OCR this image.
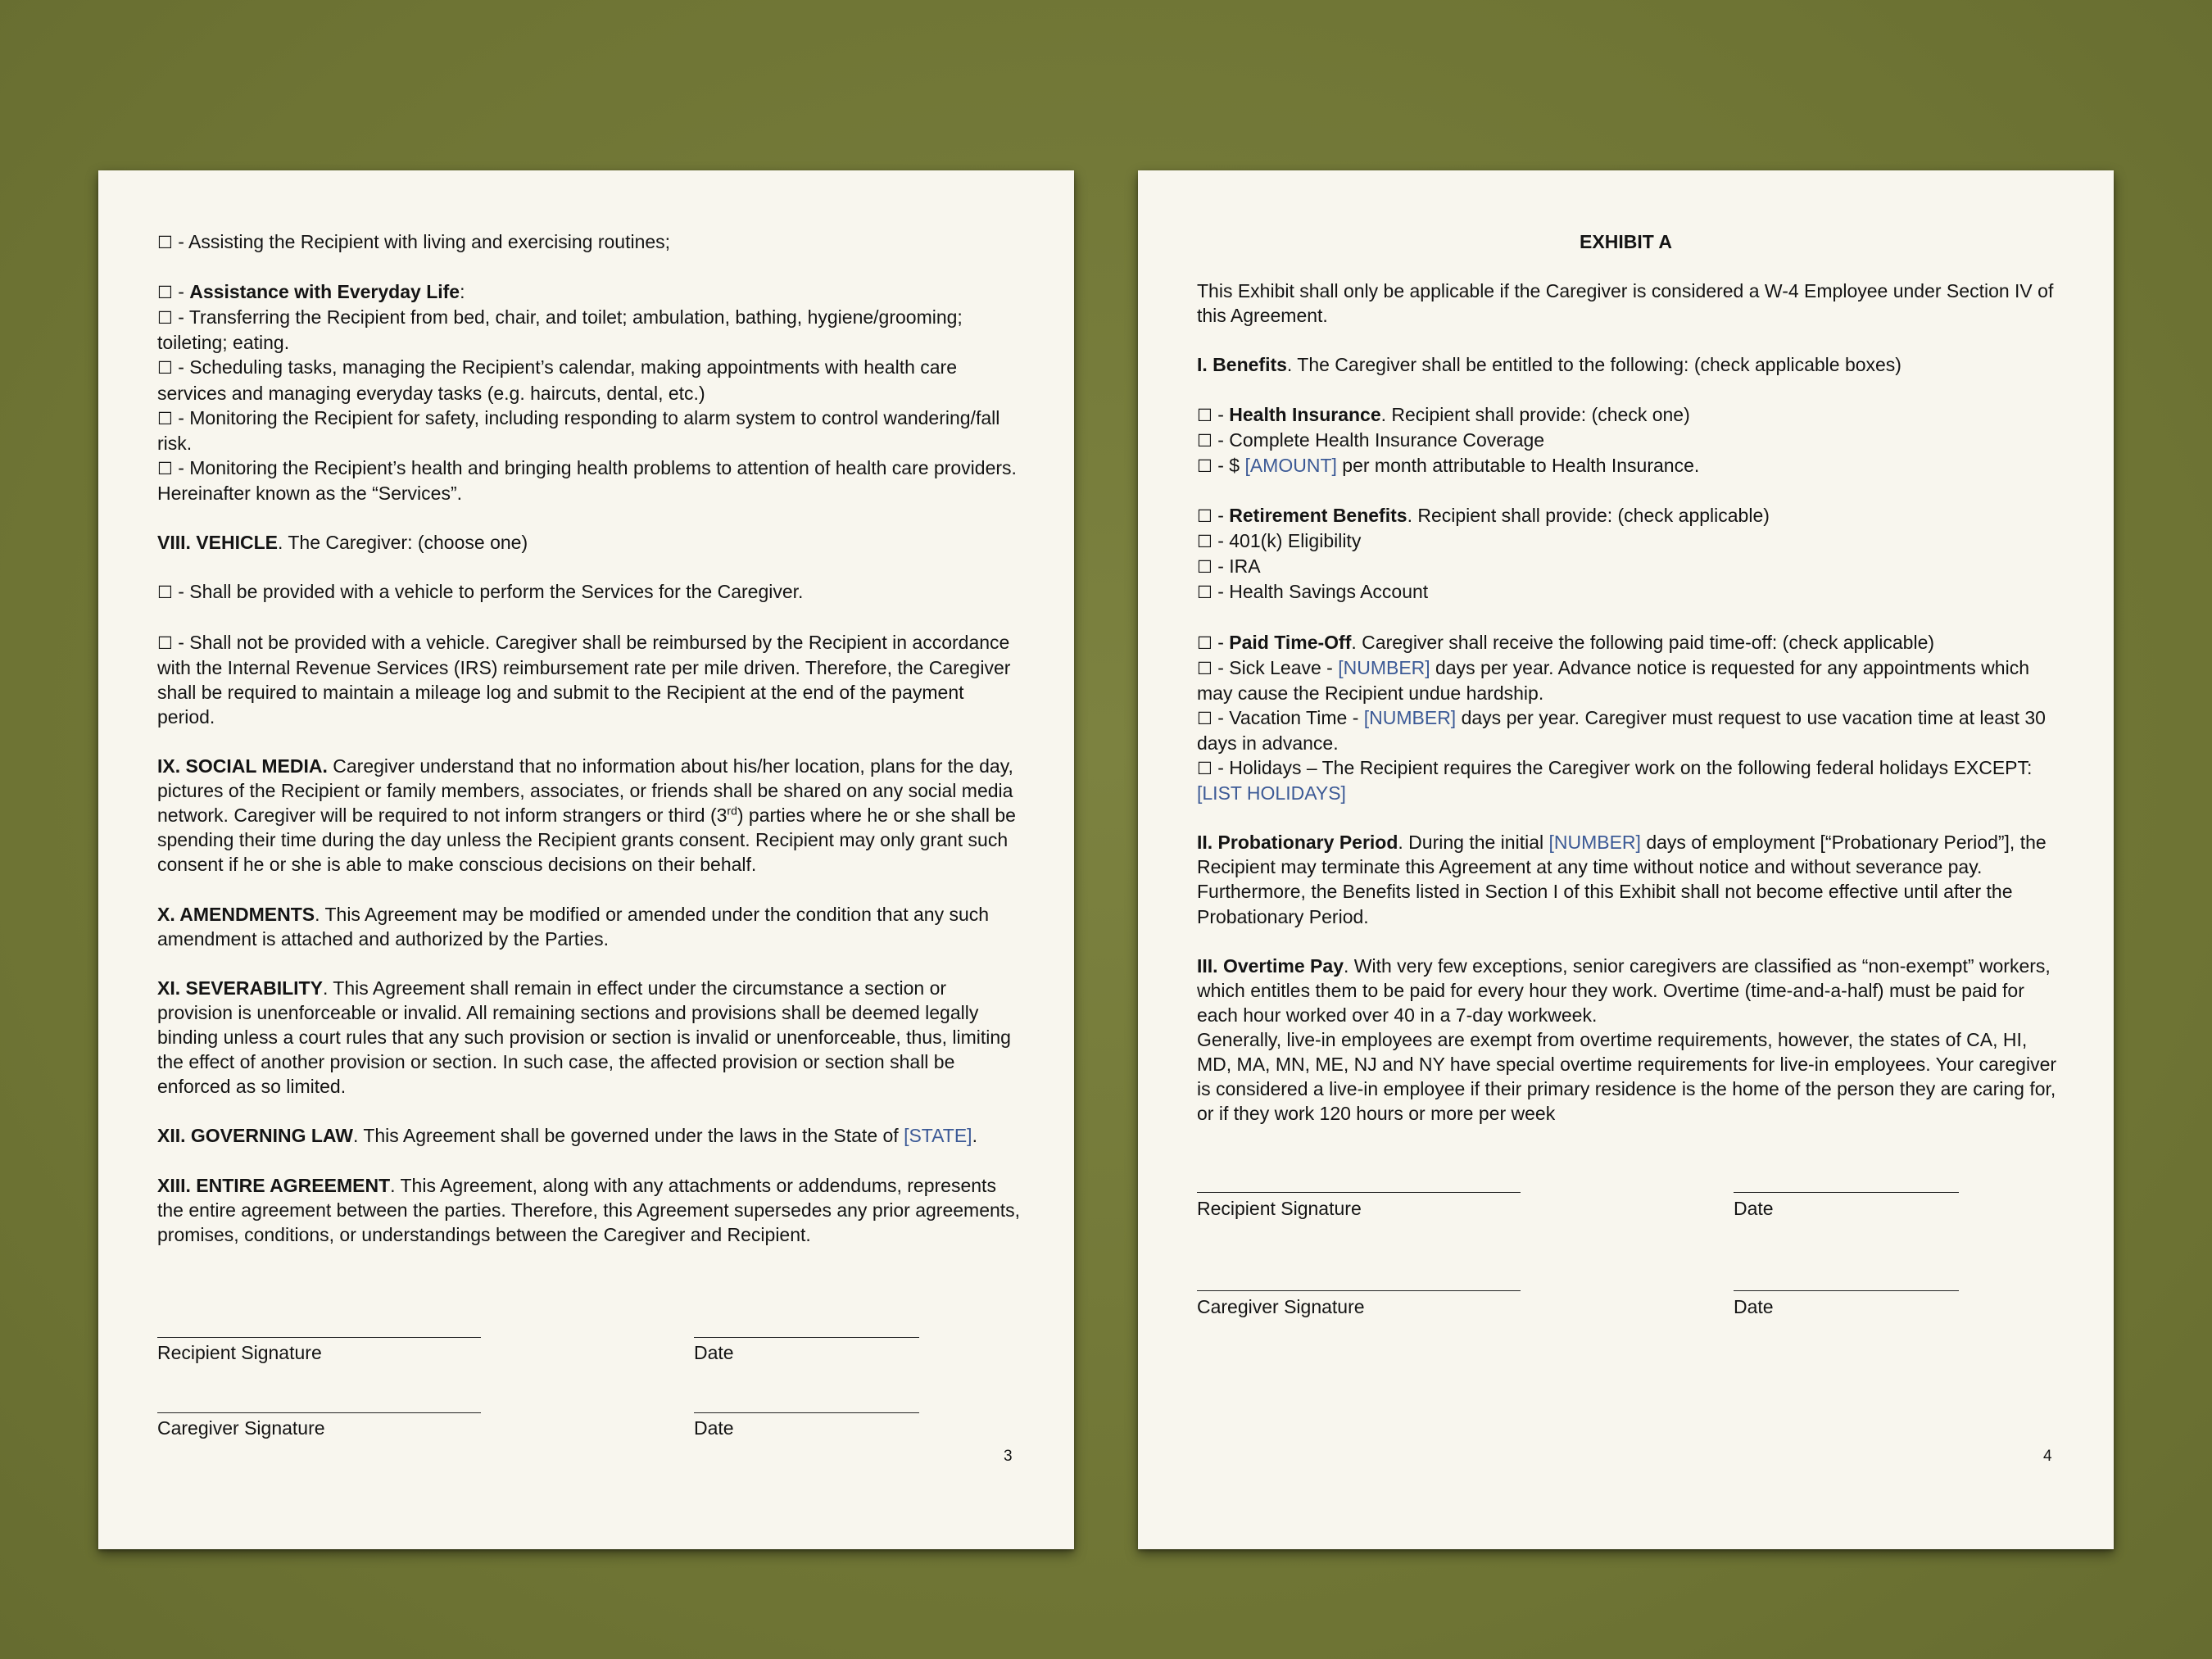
☐ - Assisting the Recipient with living and exercising routines;
☐ - Assistance with Everyday Life:
☐ - Transferring the Recipient from bed, chair, and toilet; ambulation, bathing, hygiene/grooming; toileting; eating.
☐ - Scheduling tasks, managing the Recipient’s calendar, making appointments with health care services and managing everyday tasks (e.g. haircuts, dental, etc.)
☐ - Monitoring the Recipient for safety, including responding to alarm system to control wandering/fall risk.
☐ - Monitoring the Recipient’s health and bringing health problems to attention of health care providers.
Hereinafter known as the “Services”.
VIII. VEHICLE. The Caregiver: (choose one)
☐ - Shall be provided with a vehicle to perform the Services for the Caregiver.
☐ - Shall not be provided with a vehicle. Caregiver shall be reimbursed by the Recipient in accordance with the Internal Revenue Services (IRS) reimbursement rate per mile driven. Therefore, the Caregiver shall be required to maintain a mileage log and submit to the Recipient at the end of the payment period.
IX. SOCIAL MEDIA. Caregiver understand that no information about his/her location, plans for the day, pictures of the Recipient or family members, associates, or friends shall be shared on any social media network. Caregiver will be required to not inform strangers or third (3rd) parties where he or she shall be spending their time during the day unless the Recipient grants consent. Recipient may only grant such consent if he or she is able to make conscious decisions on their behalf.
X. AMENDMENTS. This Agreement may be modified or amended under the condition that any such amendment is attached and authorized by the Parties.
XI. SEVERABILITY. This Agreement shall remain in effect under the circumstance a section or provision is unenforceable or invalid. All remaining sections and provisions shall be deemed legally binding unless a court rules that any such provision or section is invalid or unenforceable, thus, limiting the effect of another provision or section. In such case, the affected provision or section shall be enforced as so limited.
XII. GOVERNING LAW. This Agreement shall be governed under the laws in the State of [STATE].
XIII. ENTIRE AGREEMENT. This Agreement, along with any attachments or addendums, represents the entire agreement between the parties. Therefore, this Agreement supersedes any prior agreements, promises, conditions, or understandings between the Caregiver and Recipient.
Recipient Signature	Date
Caregiver Signature	Date
3
EXHIBIT A
This Exhibit shall only be applicable if the Caregiver is considered a W-4 Employee under Section IV of this Agreement.
I. Benefits. The Caregiver shall be entitled to the following: (check applicable boxes)
☐ - Health Insurance. Recipient shall provide: (check one)
☐ - Complete Health Insurance Coverage
☐ - $ [AMOUNT] per month attributable to Health Insurance.
☐ - Retirement Benefits. Recipient shall provide: (check applicable)
☐ - 401(k) Eligibility
☐ - IRA
☐ - Health Savings Account
☐ - Paid Time-Off. Caregiver shall receive the following paid time-off: (check applicable)
☐ - Sick Leave - [NUMBER] days per year. Advance notice is requested for any appointments which may cause the Recipient undue hardship.
☐ - Vacation Time - [NUMBER] days per year. Caregiver must request to use vacation time at least 30 days in advance.
☐ - Holidays – The Recipient requires the Caregiver work on the following federal holidays EXCEPT: [LIST HOLIDAYS]
II. Probationary Period. During the initial [NUMBER] days of employment [“Probationary Period”], the Recipient may terminate this Agreement at any time without notice and without severance pay. Furthermore, the Benefits listed in Section I of this Exhibit shall not become effective until after the Probationary Period.
III. Overtime Pay. With very few exceptions, senior caregivers are classified as “non-exempt” workers, which entitles them to be paid for every hour they work. Overtime (time-and-a-half) must be paid for each hour worked over 40 in a 7-day workweek.
Generally, live-in employees are exempt from overtime requirements, however, the states of CA, HI, MD, MA, MN, ME, NJ and NY have special overtime requirements for live-in employees. Your caregiver is considered a live-in employee if their primary residence is the home of the person they are caring for, or if they work 120 hours or more per week
Recipient Signature	Date
Caregiver Signature	Date
4
